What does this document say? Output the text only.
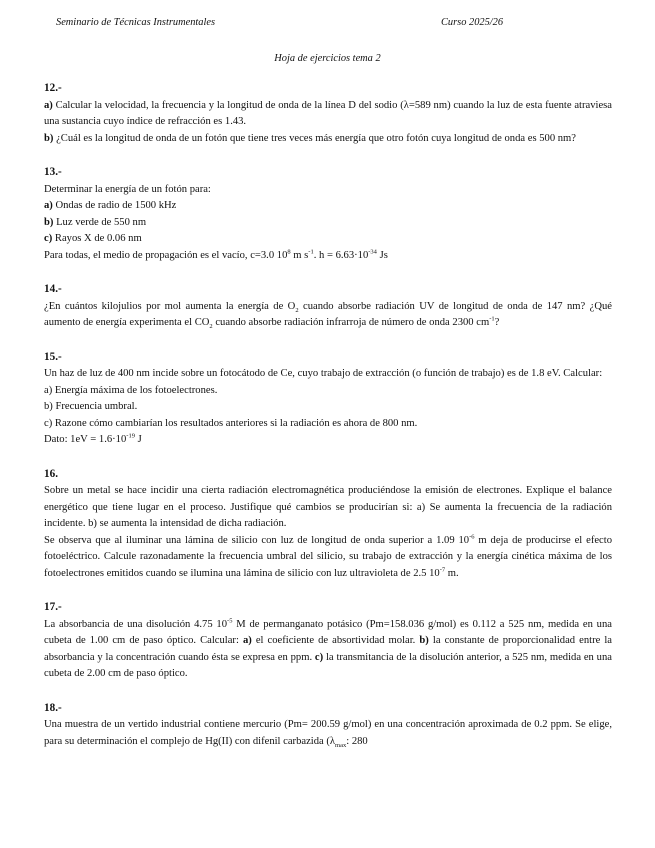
Seminario de Técnicas Instrumentales	Curso 2025/26
Hoja de ejercicios tema 2
12.-

a) Calcular la velocidad, la frecuencia y la longitud de onda de la línea D del sodio (λ=589 nm) cuando la luz de esta fuente atraviesa una sustancia cuyo índice de refracción es 1.43.

b) ¿Cuál es la longitud de onda de un fotón que tiene tres veces más energía que otro fotón cuya longitud de onda es 500 nm?

13.-

Determinar la energía de un fotón para:

a) Ondas de radio de 1500 kHz

b) Luz verde de 550 nm

c) Rayos X de 0.06 nm

Para todas, el medio de propagación es el vacío, c=3.0 $10^8$ m $s^{-1}$. $h = 6.63\cdot 10^{-34}$ Js

14.-

¿En cuántos kilojulios por mol aumenta la energía de $O_2$ cuando absorbe radiación UV de longitud de onda de 147 nm? ¿Qué aumento de energía experimenta el $CO_2$ cuando absorbe radiación infrarroja de número de onda 2300 $cm^{-1}$?

15.-

Un haz de luz de 400 nm incide sobre un fotocátodo de Ce, cuyo trabajo de extracción (o función de trabajo) es de 1.8 eV. Calcular:

a) Energía máxima de los fotoelectrones.

b) Frecuencia umbral.

c) Razone cómo cambiarían los resultados anteriores si la radiación es ahora de 800 nm.

Dato: $1eV = 1.6\cdot 10^{-19}$ J

16.

Sobre un metal se hace incidir una cierta radiación electromagnética produciéndose la emisión de electrones. Explique el balance energético que tiene lugar en el proceso. Justifique qué cambios se producirían si: a) Se aumenta la frecuencia de la radiación incidente. b) se aumenta la intensidad de dicha radiación.

Se observa que al iluminar una lámina de silicio con luz de longitud de onda superior a 1.09 $10^{-6}$ m deja de producirse el efecto fotoeléctrico. Calcule razonadamente la frecuencia umbral del silicio, su trabajo de extracción y la energía cinética máxima de los fotoelectrones emitidos cuando se ilumina una lámina de silicio con luz ultravioleta de 2.5 $10^{-7}$ m.

17.-

La absorbancia de una disolución 4.75 $10^{-5}$ M de permanganato potásico (Pm=158.036 g/mol) es 0.112 a 525 nm, medida en una cubeta de 1.00 cm de paso óptico. Calcular: a) el coeficiente de absortividad molar. b) la constante de proporcionalidad entre la absorbancia y la concentración cuando ésta se expresa en ppm. c) la transmitancia de la disolución anterior, a 525 nm, medida en una cubeta de 2.00 cm de paso óptico.

18.-

Una muestra de un vertido industrial contiene mercurio (Pm= 200.59 g/mol) en una concentración aproximada de 0.2 ppm. Se elige, para su determinación el complejo de Hg(II) con difenil carbazida ($\lambda_{max}$: 280
